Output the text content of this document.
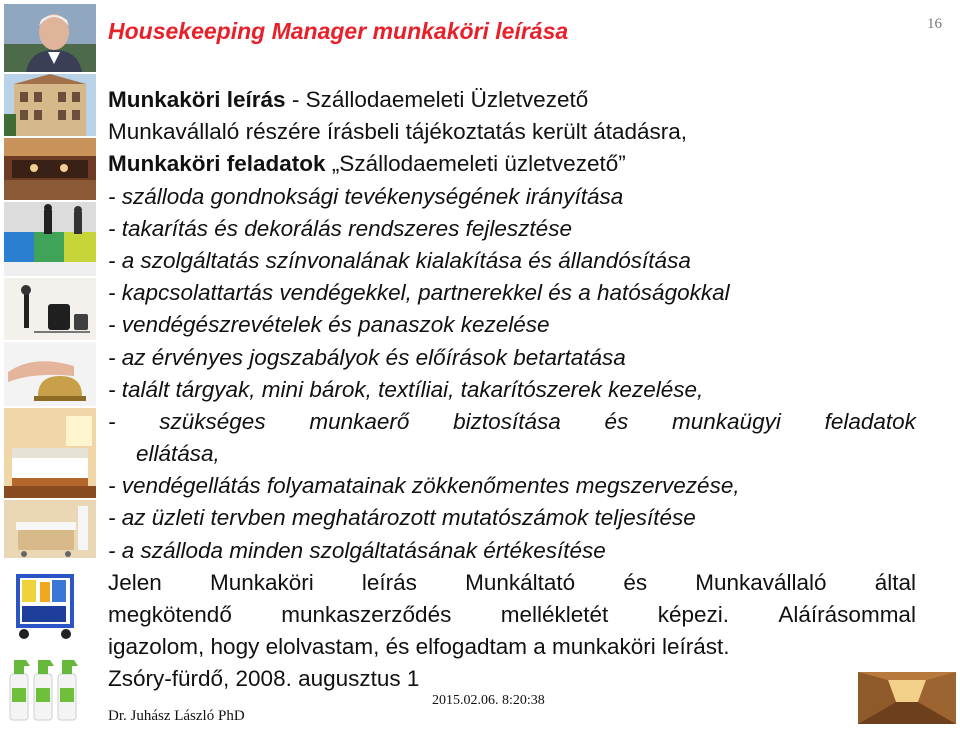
Housekeeping Manager munkaköri leírása	16
Munkaköri leírás - Szállodaemeleti Üzletvezető
Munkavállaló részére írásbeli tájékoztatás került átadásra,
Munkaköri feladatok „Szállodaemeleti üzletvezető”
- szálloda gondnoksági tevékenységének irányítása
- takarítás és dekorálás rendszeres fejlesztése
- a szolgáltatás színvonalának kialakítása és állandósítása
- kapcsolattartás vendégekkel, partnerekkel és a hatóságokkal
- vendégészrevételek és panaszok kezelése
- az érvényes jogszabályok és előírások betartatása
- talált tárgyak, mini bárok, textíliai, takarítószerek kezelése,
- szükséges munkaerő biztosítása és munkaügyi feladatok
ellátása,
- vendégellátás folyamatainak zökkenőmentes megszervezése,
- az üzleti tervben meghatározott mutatószámok teljesítése
- a szálloda minden szolgáltatásának értékesítése
Jelen Munkaköri leírás Munkáltató és Munkavállaló által
megkötendő munkaszerződés mellékletét képezi. Aláírásommal
igazolom, hogy elolvastam, és elfogadtam a munkaköri leírást.
Zsóry-fürdő, 2008. augusztus 1
2015.02.06. 8:20:38
Dr. Juhász László PhD
